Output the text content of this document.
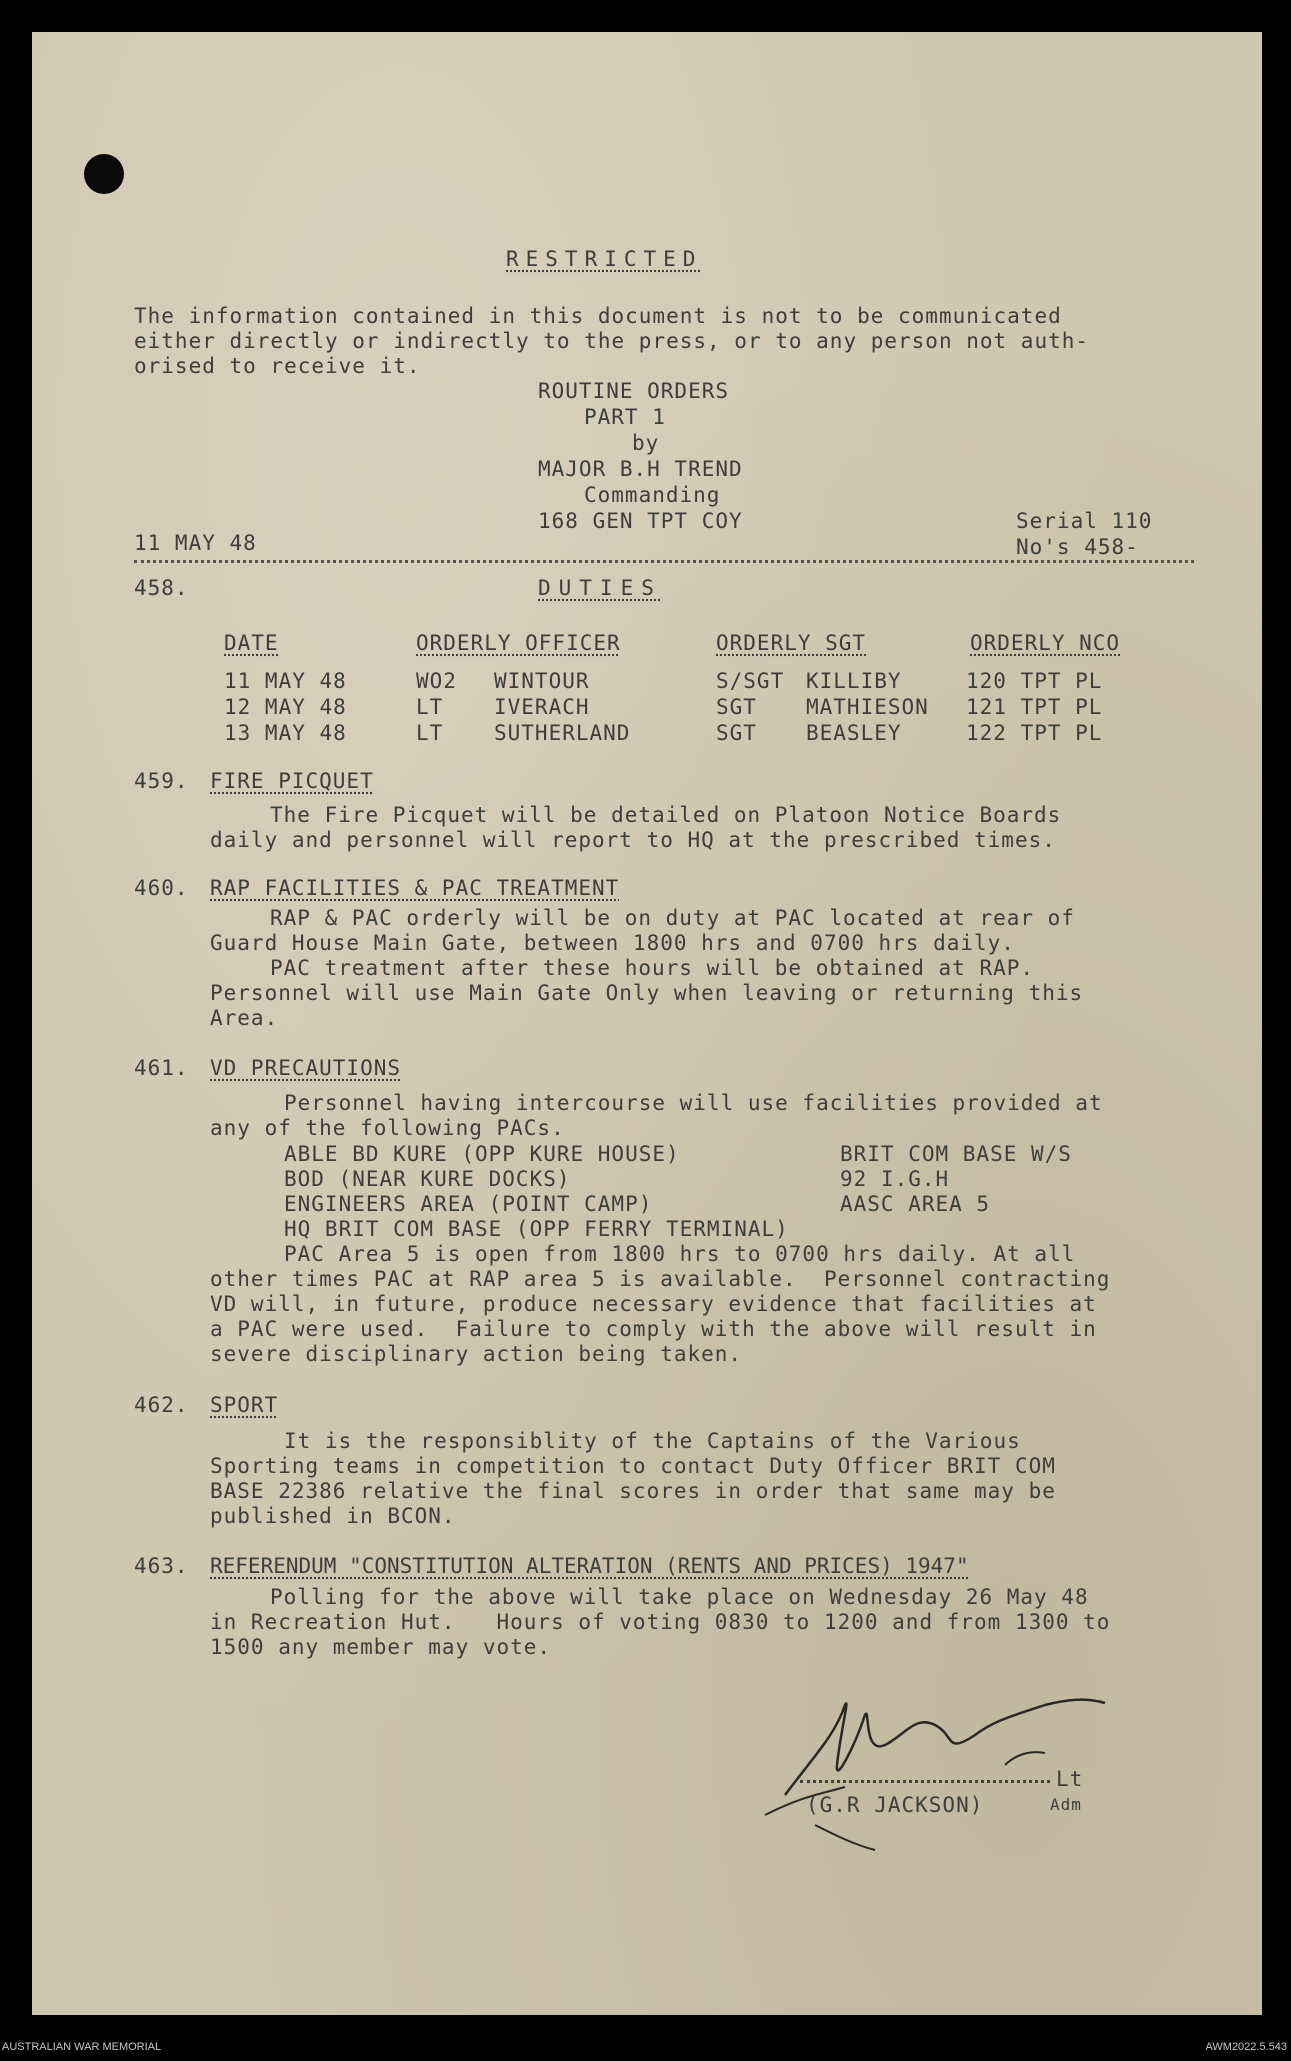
RESTRICTED
The information contained in this document is not to be communicated
either directly or indirectly to the press, or to any person not auth-
orised to receive it.
ROUTINE ORDERS
PART 1
by
MAJOR B.H TREND
Commanding
168 GEN TPT COY
11 MAY 48
Serial 110
No's 458-
458.	DUTIES
DATE	ORDERLY OFFICER	ORDERLY SGT	ORDERLY NCO
11 MAY 48	WO2 WINTOUR	S/SGT KILLIBY	120 TPT PL
12 MAY 48	LT IVERACH	SGT MATHIESON 121 TPT PL
13 MAY 48	LT SUTHERLAND	SGT BEASLEY	122 TPT PL
459. FIRE PICQUET
The Fire Picquet will be detailed on Platoon Notice Boards
daily and personnel will report to HQ at the prescribed times.
460. RAP FACILITIES & PAC TREATMENT
RAP & PAC orderly will be on duty at PAC located at rear of
Guard House Main Gate, between 1800 hrs and 0700 hrs daily.
PAC treatment after these hours will be obtained at RAP.
Personnel will use Main Gate Only when leaving or returning this
Area.
461. VD PRECAUTIONS
Personnel having intercourse will use facilities provided at
any of the following PACs.
ABLE BD KURE (OPP KURE HOUSE)
BOD (NEAR KURE DOCKS)
ENGINEERS AREA (POINT CAMP)
HQ BRIT COM BASE (OPP FERRY TERMINAL)
BRIT COM BASE W/S
92 I.G.H
AASC AREA 5
PAC Area 5 is open from 1800 hrs to 0700 hrs daily. At all
other times PAC at RAP area 5 is available.  Personnel contracting
VD will, in future, produce necessary evidence that facilities at
a PAC were used.  Failure to comply with the above will result in
severe disciplinary action being taken.
462. SPORT
It is the responsiblity of the Captains of the Various
Sporting teams in competition to contact Duty Officer BRIT COM
BASE 22386 relative the final scores in order that same may be
published in BCON.
463. REFERENDUM "CONSTITUTION ALTERATION (RENTS AND PRICES) 1947"
Polling for the above will take place on Wednesday 26 May 48
in Recreation Hut.   Hours of voting 0830 to 1200 and from 1300 to
1500 any member may vote.
Lt
(G.R JACKSON)	Adm
AUSTRALIAN WAR MEMORIAL	AWM2022.5.543
